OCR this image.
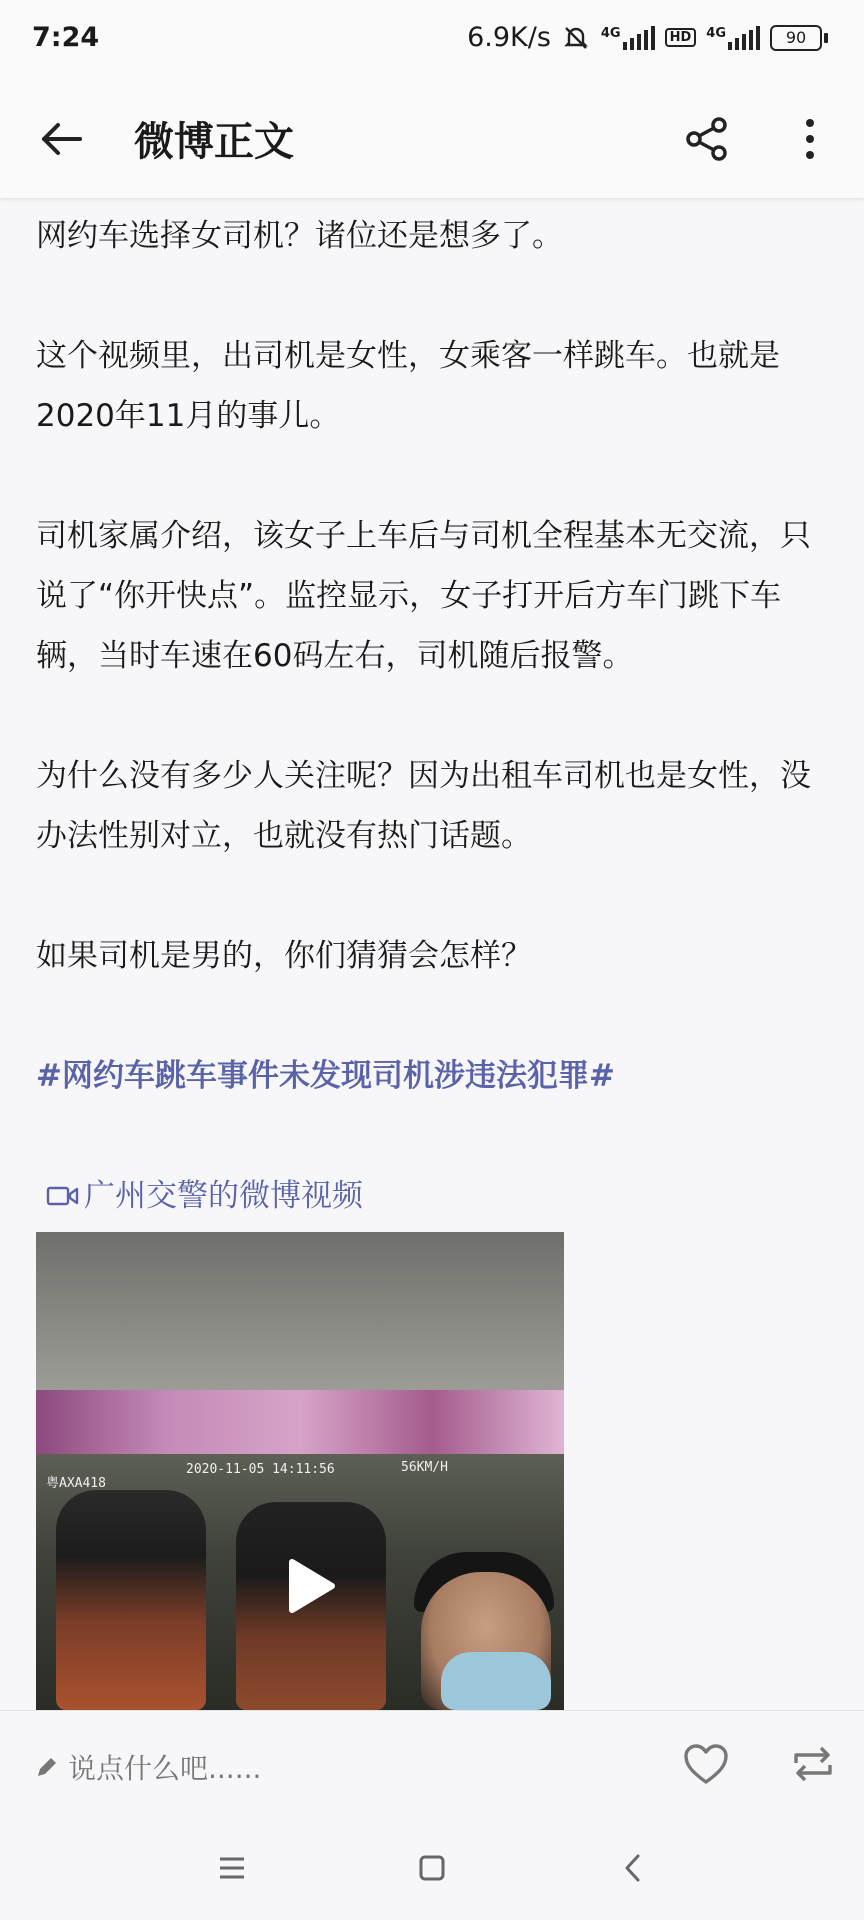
7:24	6.9K/s	4G	HD	4G	90
微博正文

网约车选择女司机？诸位还是想多了。

这个视频里，出司机是女性，女乘客一样跳车。也就是2020年11月的事儿。

司机家属介绍，该女子上车后与司机全程基本无交流，只说了“你开快点”。监控显示，女子打开后方车门跳下车辆，当时车速在60码左右，司机随后报警。

为什么没有多少人关注呢？因为出租车司机也是女性，没办法性别对立，也就没有热门话题。

如果司机是男的，你们猜猜会怎样？

#网约车跳车事件未发现司机涉违法犯罪#

广州交警的微博视频
粤AXA418
2020-11-05 14:11:56	56KM/H
说点什么吧......
